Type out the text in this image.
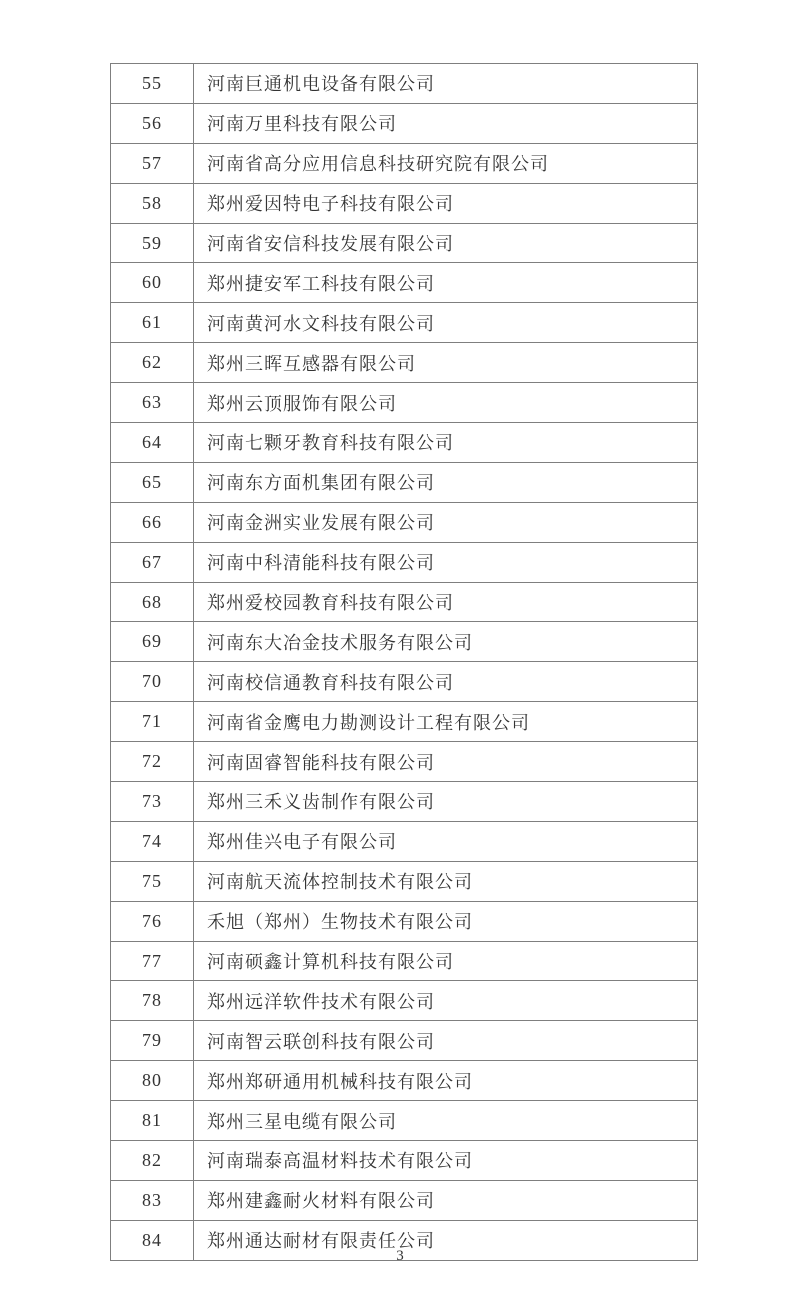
55	河南巨通机电设备有限公司
56	河南万里科技有限公司
57	河南省高分应用信息科技研究院有限公司
58	郑州爱因特电子科技有限公司
59	河南省安信科技发展有限公司
60	郑州捷安军工科技有限公司
61	河南黄河水文科技有限公司
62	郑州三晖互感器有限公司
63	郑州云顶服饰有限公司
64	河南七颗牙教育科技有限公司
65	河南东方面机集团有限公司
66	河南金洲实业发展有限公司
67	河南中科清能科技有限公司
68	郑州爱校园教育科技有限公司
69	河南东大冶金技术服务有限公司
70	河南校信通教育科技有限公司
71	河南省金鹰电力勘测设计工程有限公司
72	河南固睿智能科技有限公司
73	郑州三禾义齿制作有限公司
74	郑州佳兴电子有限公司
75	河南航天流体控制技术有限公司
76	禾旭（郑州）生物技术有限公司
77	河南硕鑫计算机科技有限公司
78	郑州远洋软件技术有限公司
79	河南智云联创科技有限公司
80	郑州郑研通用机械科技有限公司
81	郑州三星电缆有限公司
82	河南瑞泰高温材料技术有限公司
83	郑州建鑫耐火材料有限公司
84	郑州通达耐材有限责任公司
3
